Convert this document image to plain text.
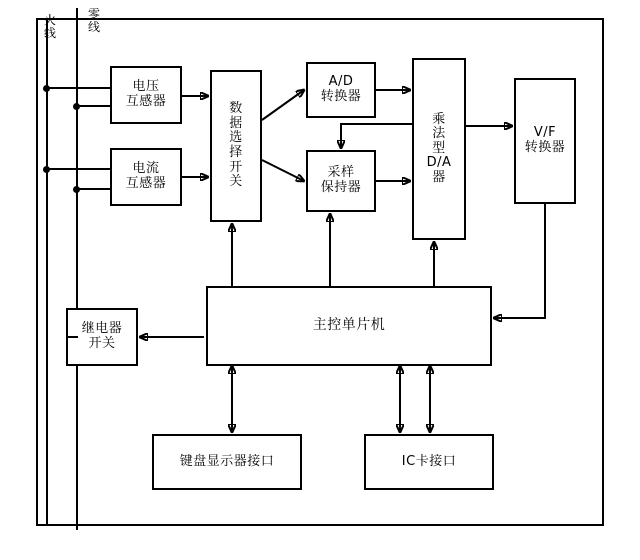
火
线
零
线
电压
互感器
电流
互感器
数
据
选
择
开
关
A/D
转换器
采样
保持器
乘
法
型
D/A
器
V/F
转换器
继电器
开关
主控单片机
键盘显示器接口	IC卡接口
